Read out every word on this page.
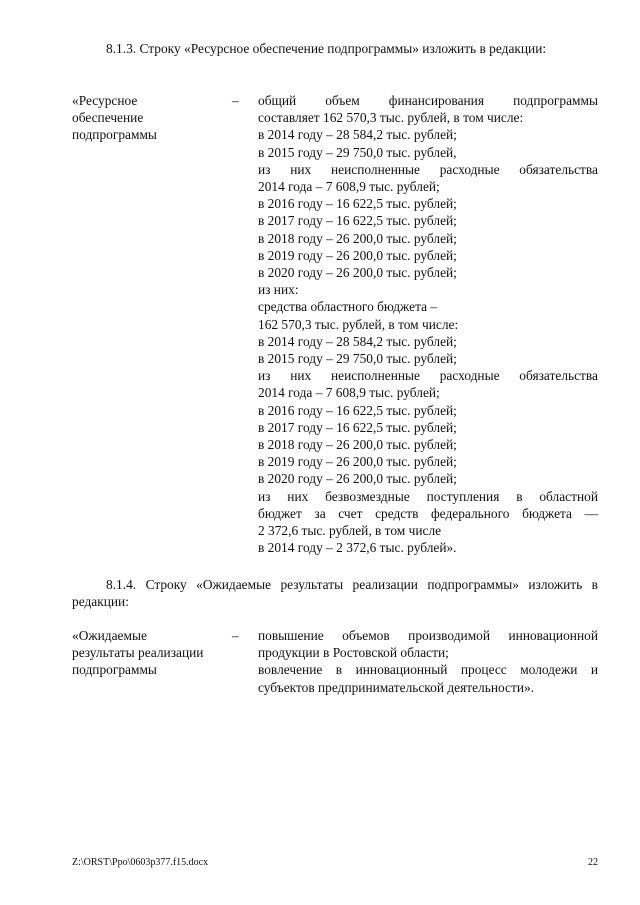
8.1.3. Строку «Ресурсное обеспечение подпрограммы» изложить в редакции:
«Ресурсное
обеспечение
подпрограммы
– общий объем финансирования подпрограммы
составляет 162 570,3 тыс. рублей, в том числе:
в 2014 году – 28 584,2 тыс. рублей;
в 2015 году – 29 750,0 тыс. рублей,
из них неисполненные расходные обязательства
2014 года – 7 608,9 тыс. рублей;
в 2016 году – 16 622,5 тыс. рублей;
в 2017 году – 16 622,5 тыс. рублей;
в 2018 году – 26 200,0 тыс. рублей;
в 2019 году – 26 200,0 тыс. рублей;
в 2020 году – 26 200,0 тыс. рублей;
из них:
средства областного бюджета –
162 570,3 тыс. рублей, в том числе:
в 2014 году – 28 584,2 тыс. рублей;
в 2015 году – 29 750,0 тыс. рублей;
из них неисполненные расходные обязательства
2014 года – 7 608,9 тыс. рублей;
в 2016 году – 16 622,5 тыс. рублей;
в 2017 году – 16 622,5 тыс. рублей;
в 2018 году – 26 200,0 тыс. рублей;
в 2019 году – 26 200,0 тыс. рублей;
в 2020 году – 26 200,0 тыс. рублей;
из них безвозмездные поступления в областной
бюджет за счет средств федерального бюджета —
2 372,6 тыс. рублей, в том числе
в 2014 году – 2 372,6 тыс. рублей».
8.1.4. Строку «Ожидаемые результаты реализации подпрограммы» изложить в редакции:
«Ожидаемые
результаты реализации
подпрограммы
– повышение объемов производимой инновационной
продукции в Ростовской области;
вовлечение в инновационный процесс молодежи и
субъектов предпринимательской деятельности».
Z:\ORST\Ppo\0603p377.f15.docx	22
